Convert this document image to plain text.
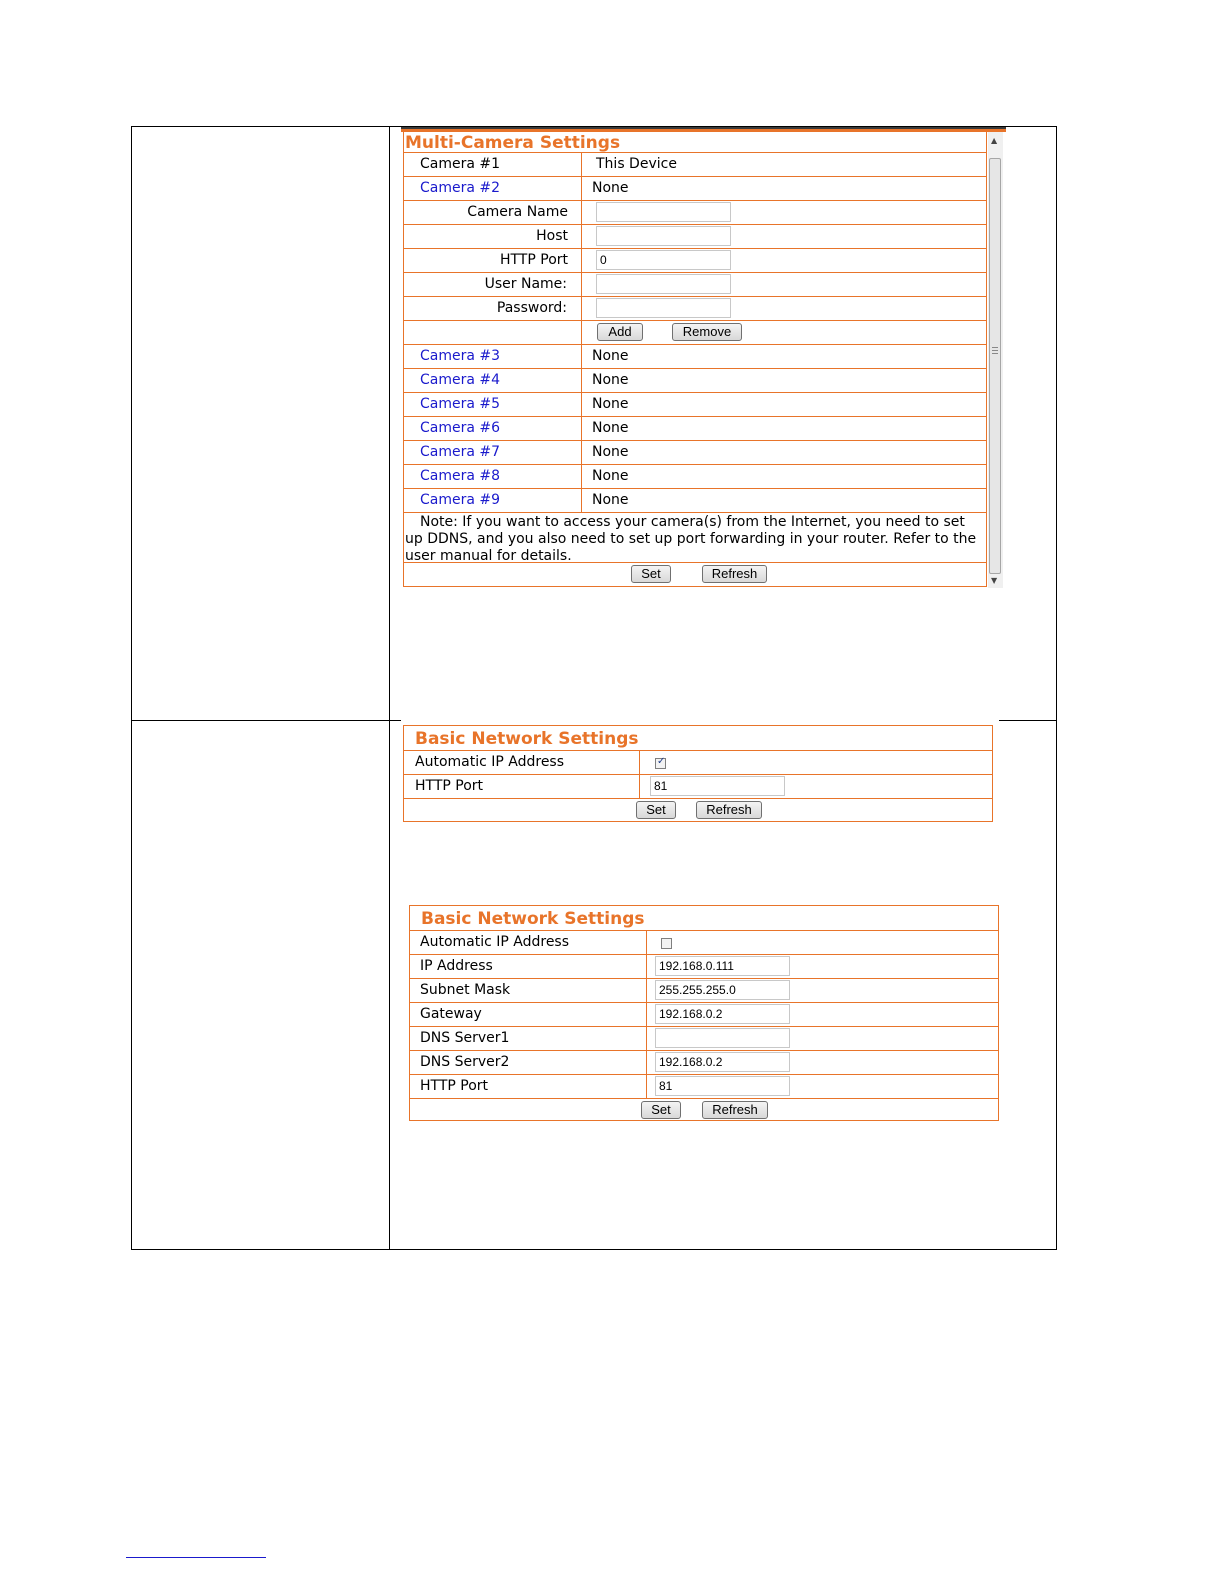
Multi-Camera Settings
Camera #1	This Device
Camera #2	None
Camera Name
Host
HTTP Port	0
User Name:
Password:
Add	Remove
Camera #3	None
Camera #4	None
Camera #5	None
Camera #6	None
Camera #7	None
Camera #8	None
Camera #9	None
Note: If you want to access your camera(s) from the Internet, you need to set up DDNS, and you also need to set up port forwarding in your router. Refer to the user manual for details.
Set	Refresh
▲
▼
Basic Network Settings
Automatic IP Address	✓
HTTP Port	81
Set	Refresh
Basic Network Settings
Automatic IP Address
IP Address	192.168.0.111
Subnet Mask	255.255.255.0
Gateway	192.168.0.2
DNS Server1
DNS Server2	192.168.0.2
HTTP Port	81
Set	Refresh
